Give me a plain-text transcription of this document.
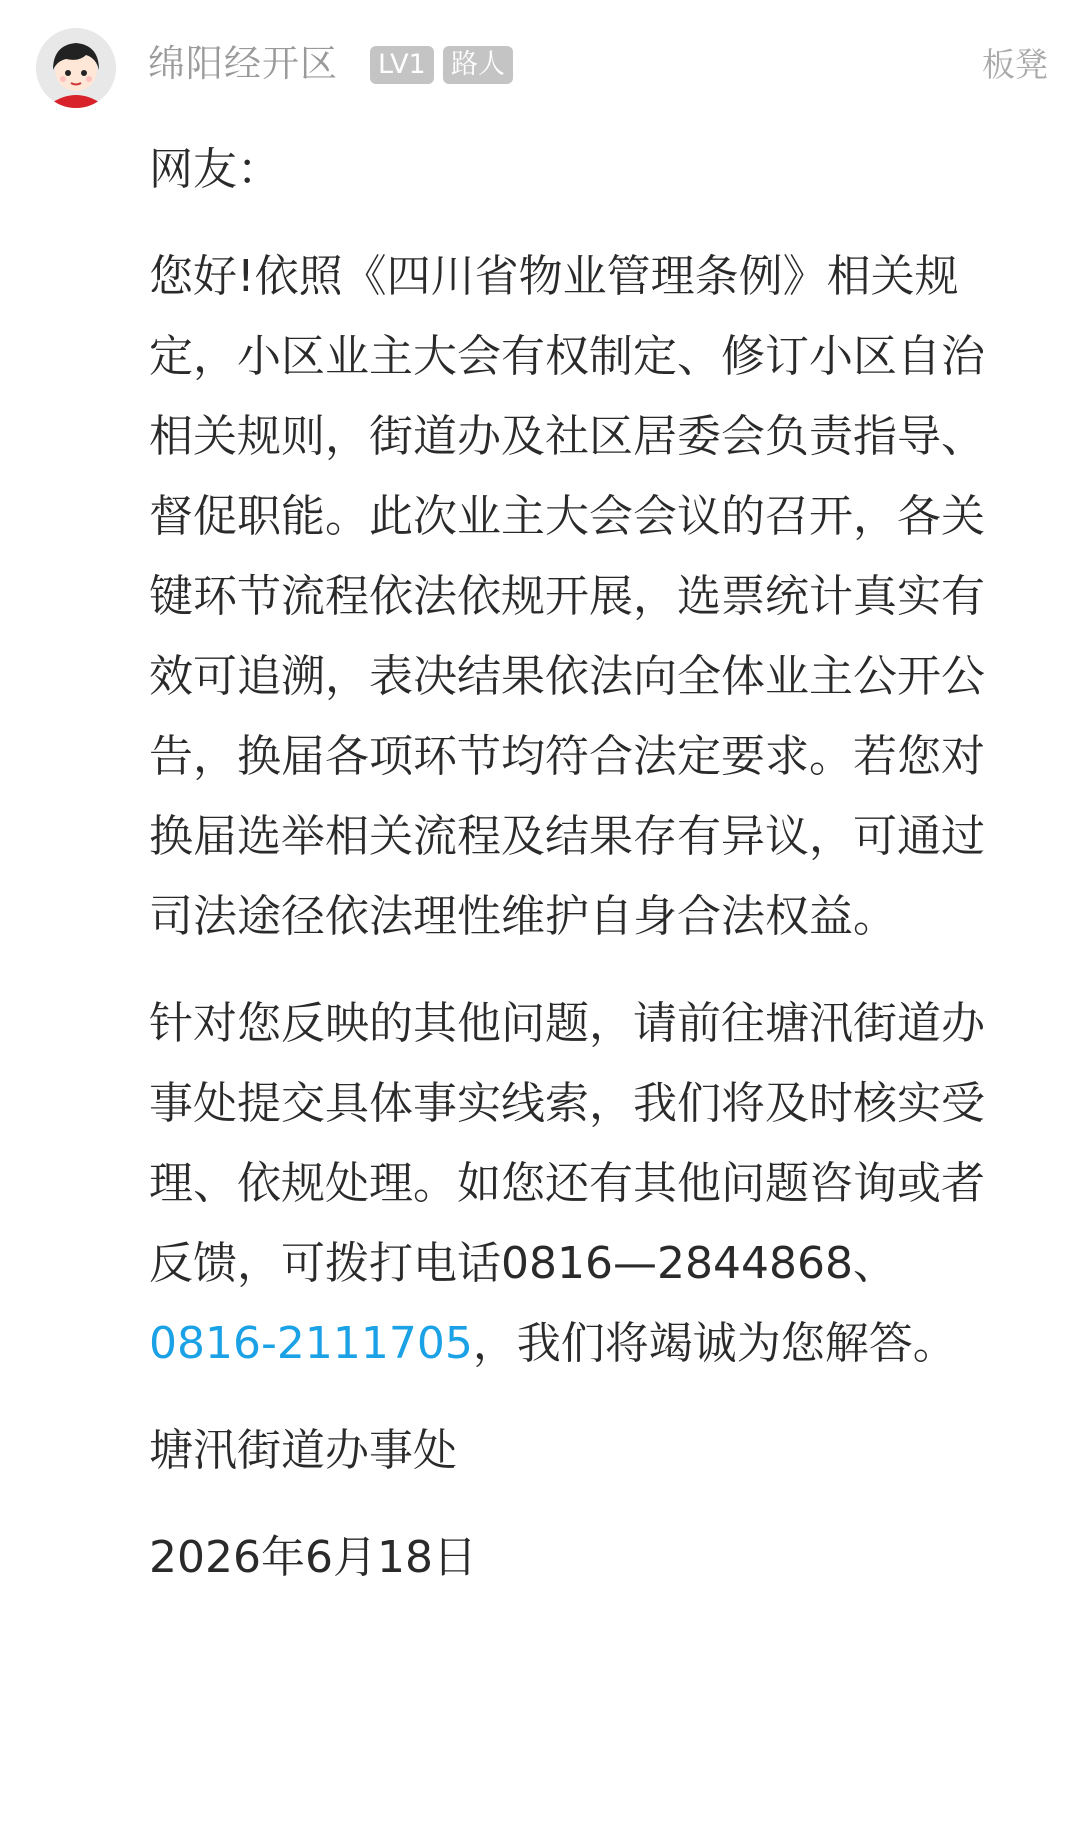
绵阳经开区 LV1 路人	板凳

网友：

您好!依照《四川省物业管理条例》相关规定，小区业主大会有权制定、修订小区自治相关规则，街道办及社区居委会负责指导、督促职能。此次业主大会会议的召开，各关键环节流程依法依规开展，选票统计真实有效可追溯，表决结果依法向全体业主公开公告，换届各项环节均符合法定要求。若您对换届选举相关流程及结果存有异议，可通过司法途径依法理性维护自身合法权益。

针对您反映的其他问题，请前往塘汛街道办事处提交具体事实线索，我们将及时核实受理、依规处理。如您还有其他问题咨询或者反馈，可拨打电话0816—2844868、0816-2111705，我们将竭诚为您解答。

塘汛街道办事处

2026年6月18日
